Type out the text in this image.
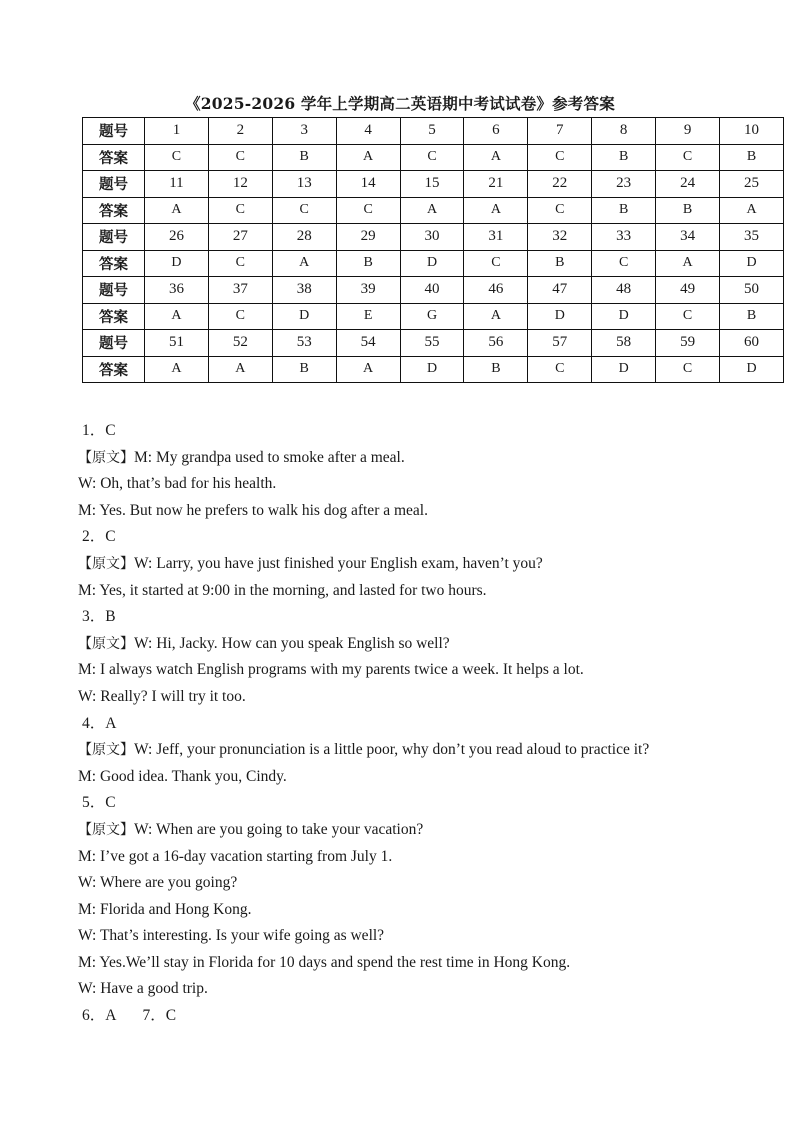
《2025-2026 学年上学期高二英语期中考试试卷》参考答案
题号	1	2	3	4	5	6	7	8	9	10
答案	C	C	B	A	C	A	C	B	C	B
题号	11	12	13	14	15	21	22	23	24	25
答案	A	C	C	C	A	A	C	B	B	A
题号	26	27	28	29	30	31	32	33	34	35
答案	D	C	A	B	D	C	B	C	A	D
题号	36	37	38	39	40	46	47	48	49	50
答案	A	C	D	E	G	A	D	D	C	B
题号	51	52	53	54	55	56	57	58	59	60
答案	A	A	B	A	D	B	C	D	C	D
1．C
【原文】M: My grandpa used to smoke after a meal.
W: Oh, that’s bad for his health.
M: Yes. But now he prefers to walk his dog after a meal.
2．C
【原文】W: Larry, you have just finished your English exam, haven’t you?
M: Yes, it started at 9:00 in the morning, and lasted for two hours.
3．B
【原文】W: Hi, Jacky. How can you speak English so well?
M: I always watch English programs with my parents twice a week. It helps a lot.
W: Really? I will try it too.
4．A
【原文】W: Jeff, your pronunciation is a little poor, why don’t you read aloud to practice it?
M: Good idea. Thank you, Cindy.
5．C
【原文】W: When are you going to take your vacation?
M: I’ve got a 16-day vacation starting from July 1.
W: Where are you going?
M: Florida and Hong Kong.
W: That’s interesting. Is your wife going as well?
M: Yes.We’ll stay in Florida for 10 days and spend the rest time in Hong Kong.
W: Have a good trip.
6．A 7．C
